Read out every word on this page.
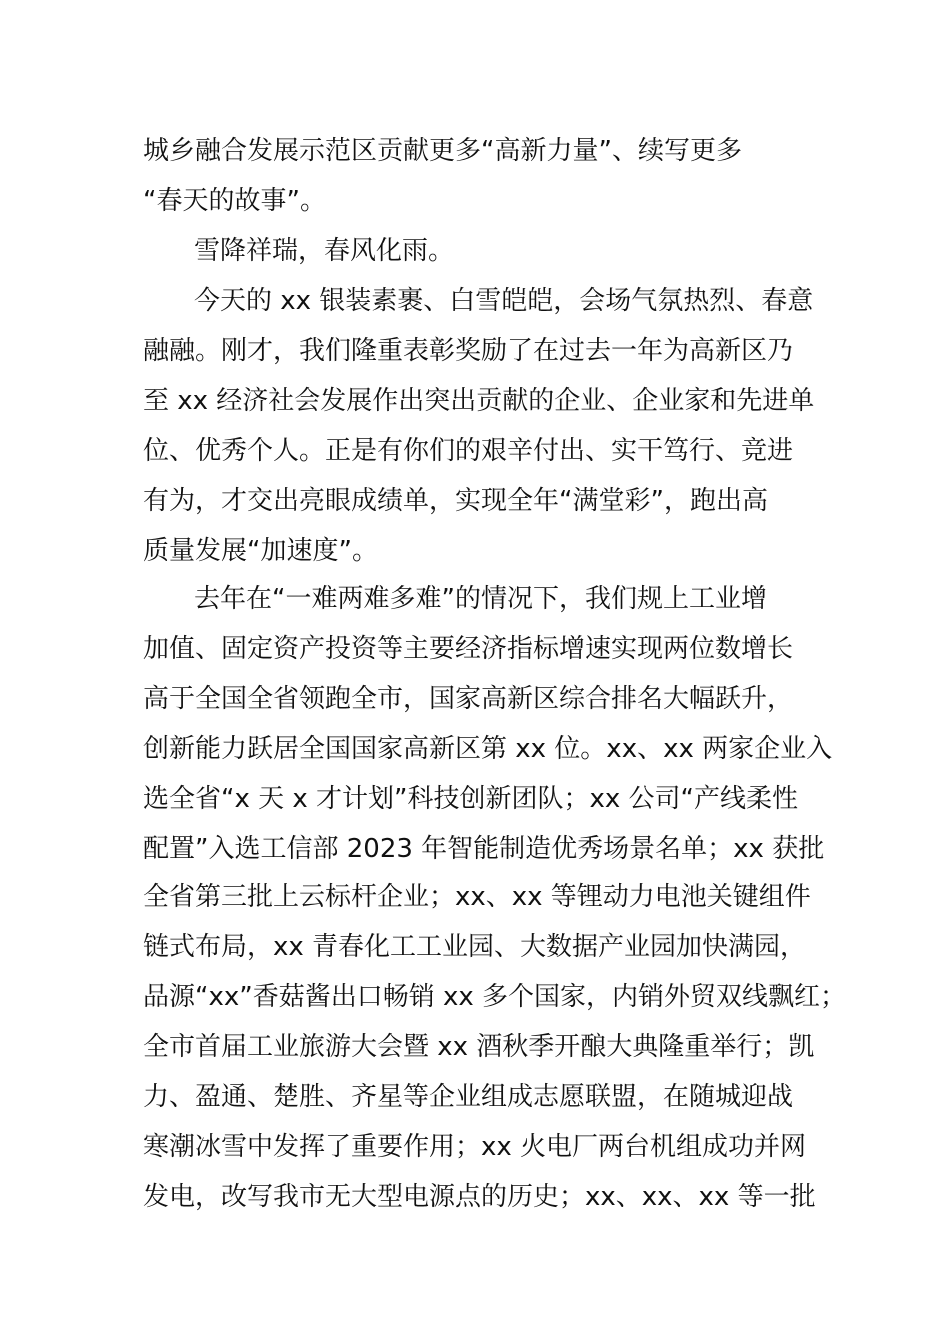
城乡融合发展示范区贡献更多“高新力量”、续写更多
“春天的故事”。
雪降祥瑞，春风化雨。
今天的 xx 银装素裹、白雪皑皑，会场气氛热烈、春意
融融。刚才，我们隆重表彰奖励了在过去一年为高新区乃
至 xx 经济社会发展作出突出贡献的企业、企业家和先进单
位、优秀个人。正是有你们的艰辛付出、实干笃行、竞进
有为，才交出亮眼成绩单，实现全年“满堂彩”，跑出高
质量发展“加速度”。
去年在“一难两难多难”的情况下，我们规上工业增
加值、固定资产投资等主要经济指标增速实现两位数增长
高于全国全省领跑全市，国家高新区综合排名大幅跃升，
创新能力跃居全国国家高新区第 xx 位。xx、xx 两家企业入
选全省“x 天 x 才计划”科技创新团队；xx 公司“产线柔性
配置”入选工信部 2023 年智能制造优秀场景名单；xx 获批
全省第三批上云标杆企业；xx、xx 等锂动力电池关键组件
链式布局，xx 青春化工工业园、大数据产业园加快满园，
品源“xx”香菇酱出口畅销 xx 多个国家，内销外贸双线飘红；
全市首届工业旅游大会暨 xx 酒秋季开酿大典隆重举行；凯
力、盈通、楚胜、齐星等企业组成志愿联盟，在随城迎战
寒潮冰雪中发挥了重要作用；xx 火电厂两台机组成功并网
发电，改写我市无大型电源点的历史；xx、xx、xx 等一批
